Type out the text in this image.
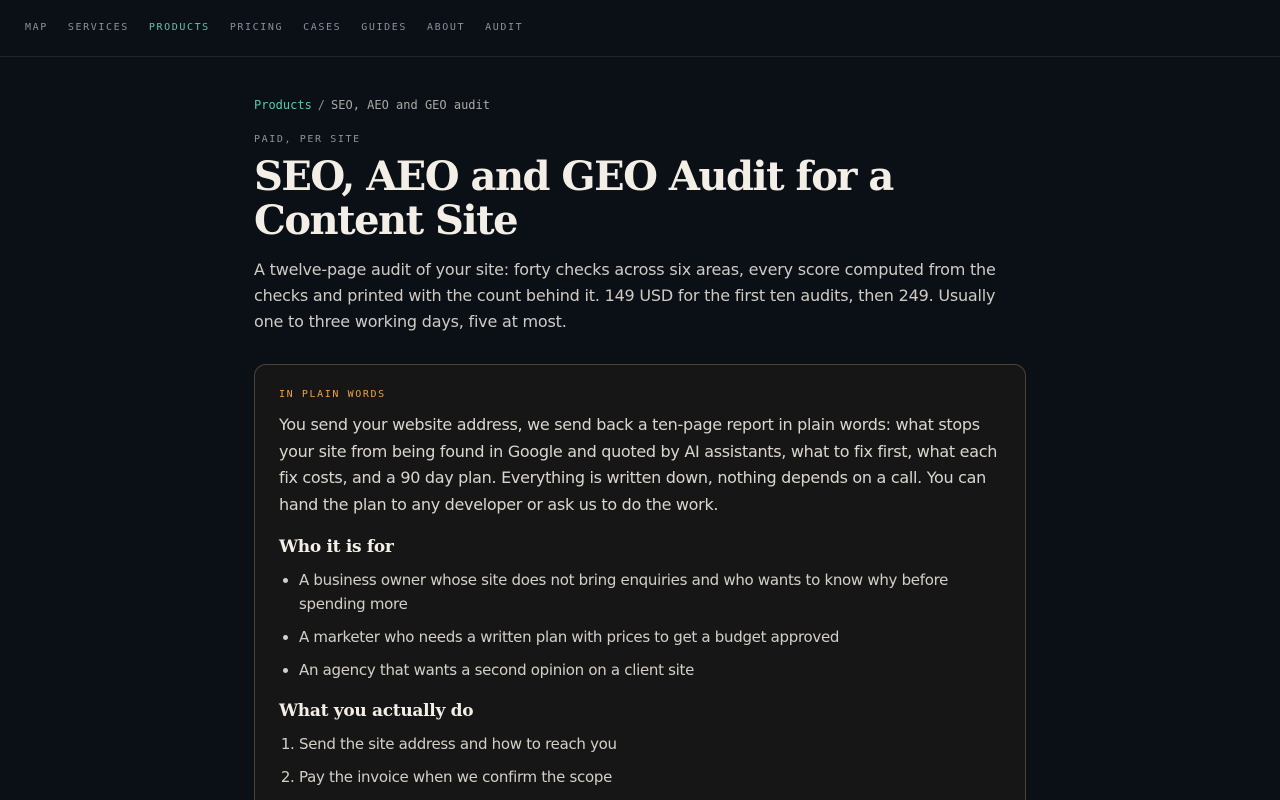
MAP SERVICES PRODUCTS PRICING CASES GUIDES ABOUT AUDIT
Products / SEO, AEO and GEO audit
PAID, PER SITE
SEO, AEO and GEO Audit for a Content Site

A twelve-page audit of your site: forty checks across six areas, every score computed from the checks and printed with the count behind it. 149 USD for the first ten audits, then 249. Usually one to three working days, five at most.

IN PLAIN WORDS

You send your website address, we send back a ten-page report in plain words: what stops your site from being found in Google and quoted by AI assistants, what to fix first, what each fix costs, and a 90 day plan. Everything is written down, nothing depends on a call. You can hand the plan to any developer or ask us to do the work.

Who it is for
• A business owner whose site does not bring enquiries and who wants to know why before spending more
• A marketer who needs a written plan with prices to get a budget approved
• An agency that wants a second opinion on a client site
What you actually do
1. Send the site address and how to reach you
2. Pay the invoice when we confirm the scope
